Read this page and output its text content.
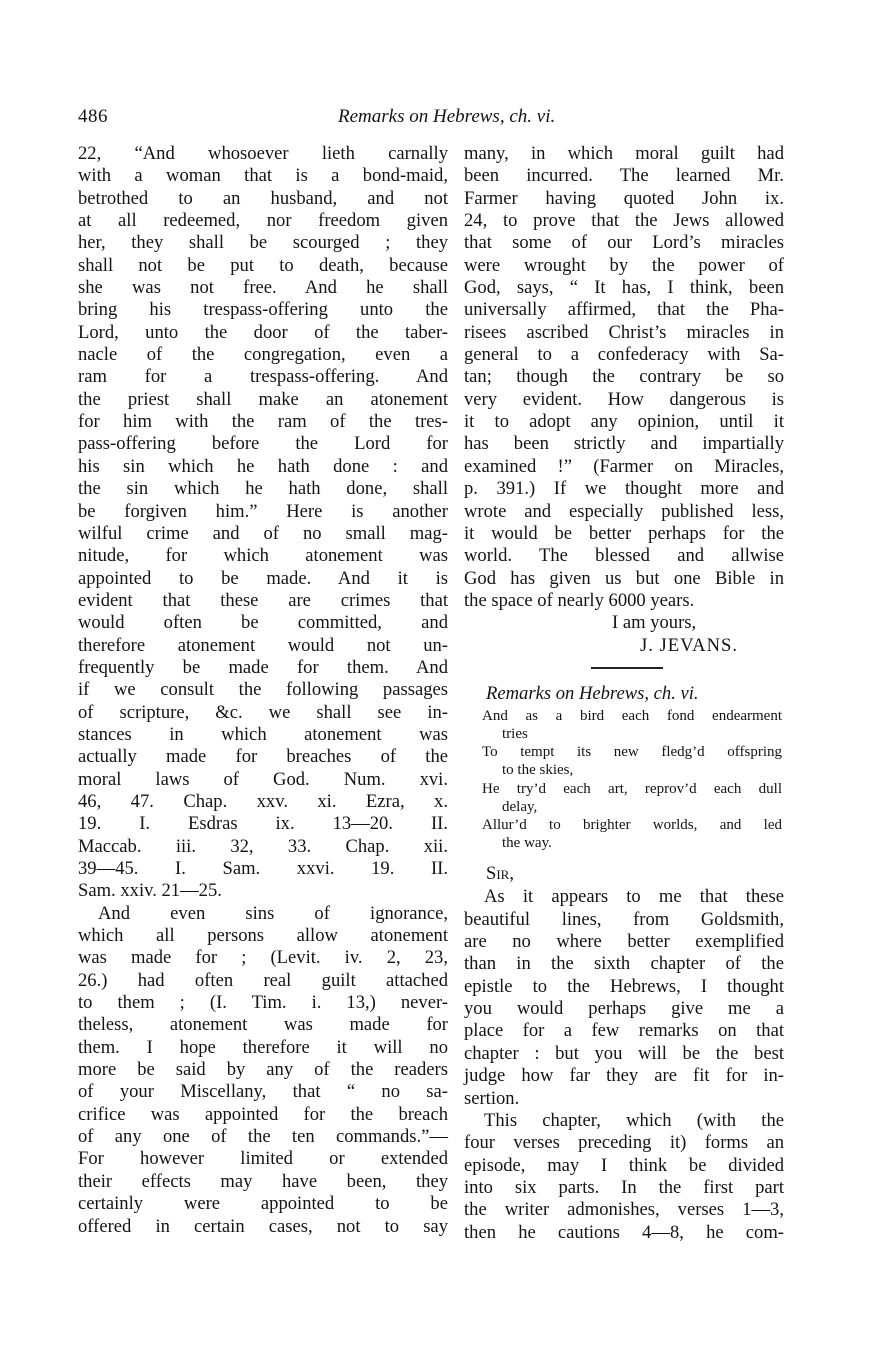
486	Remarks on Hebrews, ch. vi.
22, “And whosoever lieth carnally
with a woman that is a bond-maid,
betrothed to an husband, and not
at all redeemed, nor freedom given
her, they shall be scourged ; they
shall not be put to death, because
she was not free. And he shall
bring his trespass-offering unto the
Lord, unto the door of the taber-
nacle of the congregation, even a
ram for a trespass-offering. And
the priest shall make an atonement
for him with the ram of the tres-
pass-offering before the Lord for
his sin which he hath done : and
the sin which he hath done, shall
be forgiven him.” Here is another
wilful crime and of no small mag-
nitude, for which atonement was
appointed to be made. And it is
evident that these are crimes that
would often be committed, and
therefore atonement would not un-
frequently be made for them. And
if we consult the following passages
of scripture, &c. we shall see in-
stances in which atonement was
actually made for breaches of the
moral laws of God. Num. xvi.
46, 47. Chap. xxv. xi. Ezra, x.
19. I. Esdras ix. 13—20. II.
Maccab. iii. 32, 33. Chap. xii.
39—45. I. Sam. xxvi. 19. II.
Sam. xxiv. 21—25.
And even sins of ignorance,
which all persons allow atonement
was made for ; (Levit. iv. 2, 23,
26.) had often real guilt attached
to them ; (I. Tim. i. 13,) never-
theless, atonement was made for
them. I hope therefore it will no
more be said by any of the readers
of your Miscellany, that “ no sa-
crifice was appointed for the breach
of any one of the ten commands.”—
For however limited or extended
their effects may have been, they
certainly were appointed to be
offered in certain cases, not to say
many, in which moral guilt had
been incurred. The learned Mr.
Farmer having quoted John ix.
24, to prove that the Jews allowed
that some of our Lord’s miracles
were wrought by the power of
God, says, “ It has, I think, been
universally affirmed, that the Pha-
risees ascribed Christ’s miracles in
general to a confederacy with Sa-
tan; though the contrary be so
very evident. How dangerous is
it to adopt any opinion, until it
has been strictly and impartially
examined !” (Farmer on Miracles,
p. 391.) If we thought more and
wrote and especially published less,
it would be better perhaps for the
world. The blessed and allwise
God has given us but one Bible in
the space of nearly 6000 years.
I am yours,
J. JEVANS.
Remarks on Hebrews, ch. vi.
And as a bird each fond endearment
tries
To tempt its new fledg’d offspring
to the skies,
He try’d each art, reprov’d each dull
delay,
Allur’d to brighter worlds, and led
the way.
Sir,
As it appears to me that these
beautiful lines, from Goldsmith,
are no where better exemplified
than in the sixth chapter of the
epistle to the Hebrews, I thought
you would perhaps give me a
place for a few remarks on that
chapter : but you will be the best
judge how far they are fit for in-
sertion.
This chapter, which (with the
four verses preceding it) forms an
episode, may I think be divided
into six parts. In the first part
the writer admonishes, verses 1—3,
then he cautions 4—8, he com-
